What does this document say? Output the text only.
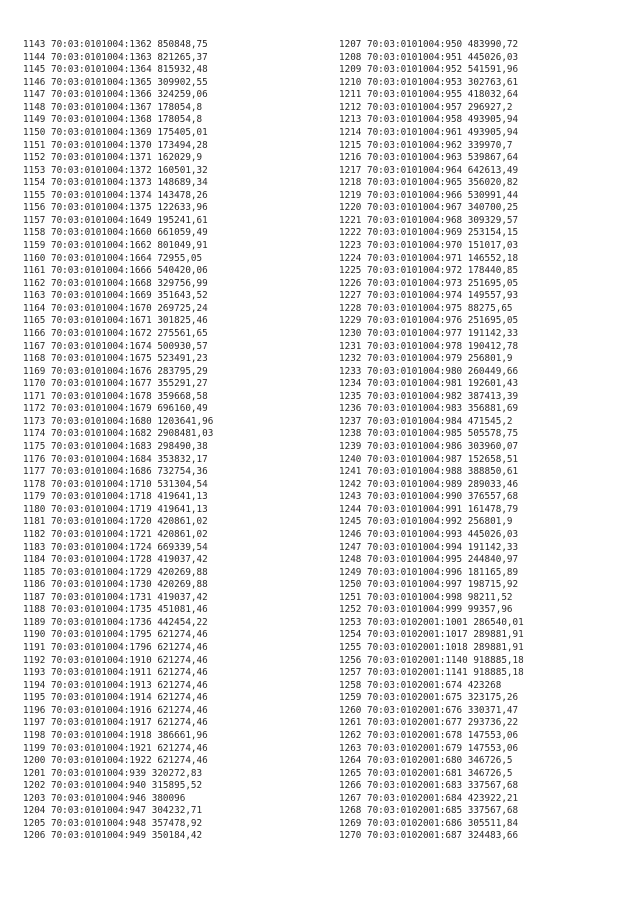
1143 70:03:0101004:1362 850848,75
1144 70:03:0101004:1363 821265,37
1145 70:03:0101004:1364 815932,48
1146 70:03:0101004:1365 309902,55
1147 70:03:0101004:1366 324259,06
1148 70:03:0101004:1367 178054,8
1149 70:03:0101004:1368 178054,8
1150 70:03:0101004:1369 175405,01
1151 70:03:0101004:1370 173494,28
1152 70:03:0101004:1371 162029,9
1153 70:03:0101004:1372 160501,32
1154 70:03:0101004:1373 148689,34
1155 70:03:0101004:1374 143478,26
1156 70:03:0101004:1375 122633,96
1157 70:03:0101004:1649 195241,61
1158 70:03:0101004:1660 661059,49
1159 70:03:0101004:1662 801049,91
1160 70:03:0101004:1664 72955,05
1161 70:03:0101004:1666 540420,06
1162 70:03:0101004:1668 329756,99
1163 70:03:0101004:1669 351643,52
1164 70:03:0101004:1670 269725,24
1165 70:03:0101004:1671 301825,46
1166 70:03:0101004:1672 275561,65
1167 70:03:0101004:1674 500930,57
1168 70:03:0101004:1675 523491,23
1169 70:03:0101004:1676 283795,29
1170 70:03:0101004:1677 355291,27
1171 70:03:0101004:1678 359668,58
1172 70:03:0101004:1679 696160,49
1173 70:03:0101004:1680 1203641,96
1174 70:03:0101004:1682 2908481,03
1175 70:03:0101004:1683 298490,38
1176 70:03:0101004:1684 353832,17
1177 70:03:0101004:1686 732754,36
1178 70:03:0101004:1710 531304,54
1179 70:03:0101004:1718 419641,13
1180 70:03:0101004:1719 419641,13
1181 70:03:0101004:1720 420861,02
1182 70:03:0101004:1721 420861,02
1183 70:03:0101004:1724 669339,54
1184 70:03:0101004:1728 419037,42
1185 70:03:0101004:1729 420269,88
1186 70:03:0101004:1730 420269,88
1187 70:03:0101004:1731 419037,42
1188 70:03:0101004:1735 451081,46
1189 70:03:0101004:1736 442454,22
1190 70:03:0101004:1795 621274,46
1191 70:03:0101004:1796 621274,46
1192 70:03:0101004:1910 621274,46
1193 70:03:0101004:1911 621274,46
1194 70:03:0101004:1913 621274,46
1195 70:03:0101004:1914 621274,46
1196 70:03:0101004:1916 621274,46
1197 70:03:0101004:1917 621274,46
1198 70:03:0101004:1918 386661,96
1199 70:03:0101004:1921 621274,46
1200 70:03:0101004:1922 621274,46
1201 70:03:0101004:939 320272,83
1202 70:03:0101004:940 315895,52
1203 70:03:0101004:946 380096
1204 70:03:0101004:947 304232,71
1205 70:03:0101004:948 357478,92
1206 70:03:0101004:949 350184,42
1207 70:03:0101004:950 483990,72
1208 70:03:0101004:951 445026,03
1209 70:03:0101004:952 541591,96
1210 70:03:0101004:953 302763,61
1211 70:03:0101004:955 418032,64
1212 70:03:0101004:957 296927,2
1213 70:03:0101004:958 493905,94
1214 70:03:0101004:961 493905,94
1215 70:03:0101004:962 339970,7
1216 70:03:0101004:963 539867,64
1217 70:03:0101004:964 642613,49
1218 70:03:0101004:965 356020,82
1219 70:03:0101004:966 530991,44
1220 70:03:0101004:967 340700,25
1221 70:03:0101004:968 309329,57
1222 70:03:0101004:969 253154,15
1223 70:03:0101004:970 151017,03
1224 70:03:0101004:971 146552,18
1225 70:03:0101004:972 178440,85
1226 70:03:0101004:973 251695,05
1227 70:03:0101004:974 149557,93
1228 70:03:0101004:975 88275,65
1229 70:03:0101004:976 251695,05
1230 70:03:0101004:977 191142,33
1231 70:03:0101004:978 190412,78
1232 70:03:0101004:979 256801,9
1233 70:03:0101004:980 260449,66
1234 70:03:0101004:981 192601,43
1235 70:03:0101004:982 387413,39
1236 70:03:0101004:983 356881,69
1237 70:03:0101004:984 471545,2
1238 70:03:0101004:985 505578,75
1239 70:03:0101004:986 303960,07
1240 70:03:0101004:987 152658,51
1241 70:03:0101004:988 388850,61
1242 70:03:0101004:989 289033,46
1243 70:03:0101004:990 376557,68
1244 70:03:0101004:991 161478,79
1245 70:03:0101004:992 256801,9
1246 70:03:0101004:993 445026,03
1247 70:03:0101004:994 191142,33
1248 70:03:0101004:995 244840,97
1249 70:03:0101004:996 181165,89
1250 70:03:0101004:997 198715,92
1251 70:03:0101004:998 98211,52
1252 70:03:0101004:999 99357,96
1253 70:03:0102001:1001 286540,01
1254 70:03:0102001:1017 289881,91
1255 70:03:0102001:1018 289881,91
1256 70:03:0102001:1140 918885,18
1257 70:03:0102001:1141 918885,18
1258 70:03:0102001:674 423268
1259 70:03:0102001:675 323175,26
1260 70:03:0102001:676 330371,47
1261 70:03:0102001:677 293736,22
1262 70:03:0102001:678 147553,06
1263 70:03:0102001:679 147553,06
1264 70:03:0102001:680 346726,5
1265 70:03:0102001:681 346726,5
1266 70:03:0102001:683 337567,68
1267 70:03:0102001:684 423922,21
1268 70:03:0102001:685 337567,68
1269 70:03:0102001:686 305511,84
1270 70:03:0102001:687 324483,66
